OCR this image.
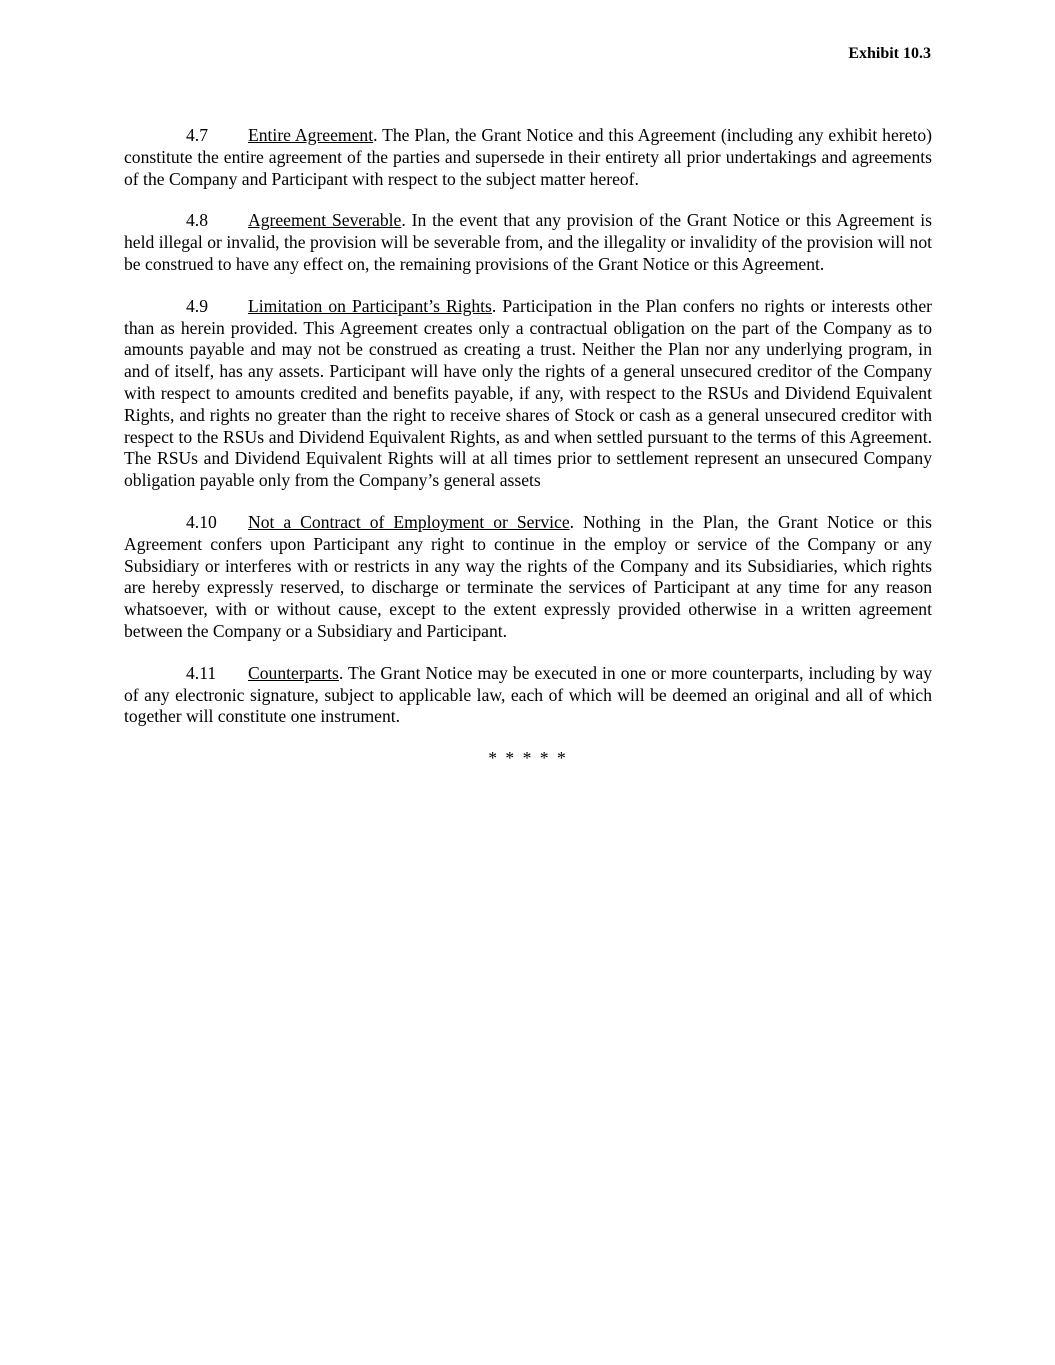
Exhibit 10.3

4.7 Entire Agreement. The Plan, the Grant Notice and this Agreement (including any exhibit hereto) constitute the entire agreement of the parties and supersede in their entirety all prior undertakings and agreements of the Company and Participant with respect to the subject matter hereof.

4.8 Agreement Severable. In the event that any provision of the Grant Notice or this Agreement is held illegal or invalid, the provision will be severable from, and the illegality or invalidity of the provision will not be construed to have any effect on, the remaining provisions of the Grant Notice or this Agreement.

4.9 Limitation on Participant’s Rights. Participation in the Plan confers no rights or interests other than as herein provided. This Agreement creates only a contractual obligation on the part of the Company as to amounts payable and may not be construed as creating a trust. Neither the Plan nor any underlying program, in and of itself, has any assets. Participant will have only the rights of a general unsecured creditor of the Company with respect to amounts credited and benefits payable, if any, with respect to the RSUs and Dividend Equivalent Rights, and rights no greater than the right to receive shares of Stock or cash as a general unsecured creditor with respect to the RSUs and Dividend Equivalent Rights, as and when settled pursuant to the terms of this Agreement. The RSUs and Dividend Equivalent Rights will at all times prior to settlement represent an unsecured Company obligation payable only from the Company’s general assets

4.10 Not a Contract of Employment or Service. Nothing in the Plan, the Grant Notice or this Agreement confers upon Participant any right to continue in the employ or service of the Company or any Subsidiary or interferes with or restricts in any way the rights of the Company and its Subsidiaries, which rights are hereby expressly reserved, to discharge or terminate the services of Participant at any time for any reason whatsoever, with or without cause, except to the extent expressly provided otherwise in a written agreement between the Company or a Subsidiary and Participant.

4.11 Counterparts. The Grant Notice may be executed in one or more counterparts, including by way of any electronic signature, subject to applicable law, each of which will be deemed an original and all of which together will constitute one instrument.

* * * * *
